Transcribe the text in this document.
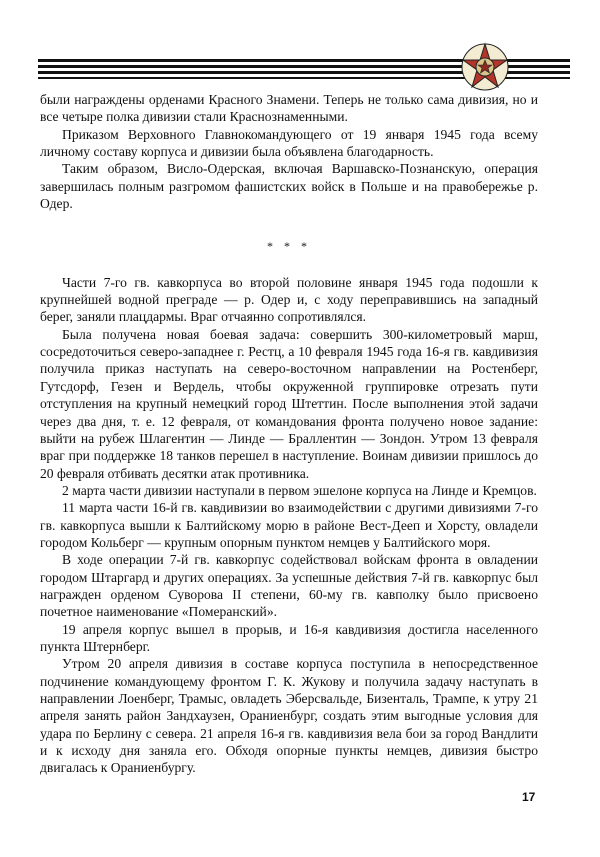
были награждены орденами Красного Знамени. Теперь не только сама дивизия, но и все четыре полка дивизии стали Краснознаменными.

Приказом Верховного Главнокомандующего от 19 января 1945 года всему личному составу корпуса и дивизии была объявлена благодарность.

Таким образом, Висло-Одерская, включая Варшавско-Познанскую, операция завершилась полным разгромом фашистских войск в Польше и на правобережье р. Одер.

* * *

Части 7-го гв. кавкорпуса во второй половине января 1945 года подошли к крупнейшей водной преграде — р. Одер и, с ходу переправившись на западный берег, заняли плацдармы. Враг отчаянно сопротивлялся.

Была получена новая боевая задача: совершить 300-километровый марш, сосредоточиться северо-западнее г. Рестц, а 10 февраля 1945 года 16-я гв. кавдивизия получила приказ наступать на северо-восточном направлении на Ростенберг, Гутсдорф, Гезен и Вердель, чтобы окруженной группировке отрезать пути отступления на крупный немецкий город Штеттин. После выполнения этой задачи через два дня, т. е. 12 февраля, от командования фронта получено новое задание: выйти на рубеж Шлагентин — Линде — Браллентин — Зондон. Утром 13 февраля враг при поддержке 18 танков перешел в наступление. Воинам дивизии пришлось до 20 февраля отбивать десятки атак противника.

2 марта части дивизии наступали в первом эшелоне корпуса на Линде и Кремцов.

11 марта части 16-й гв. кавдивизии во взаимодействии с другими дивизиями 7-го гв. кавкорпуса вышли к Балтийскому морю в районе Вест-Дееп и Хорсту, овладели городом Кольберг — крупным опорным пунктом немцев у Балтийского моря.

В ходе операции 7-й гв. кавкорпус содействовал войскам фронта в овладении городом Штаргард и других операциях. За успешные действия 7-й гв. кавкорпус был награжден орденом Суворова II степени, 60-му гв. кавполку было присвоено почетное наименование «Померанский».

19 апреля корпус вышел в прорыв, и 16-я кавдивизия достигла населенного пункта Штернберг.

Утром 20 апреля дивизия в составе корпуса поступила в непосредственное подчинение командующему фронтом Г. К. Жукову и получила задачу наступать в направлении Лоенберг, Трамыс, овладеть Эберсвальде, Бизенталь, Трампе, к утру 21 апреля занять район Зандхаузен, Ораниенбург, создать этим выгодные условия для удара по Берлину с севера. 21 апреля 16-я гв. кавдивизия вела бои за город Вандлити и к исходу дня заняла его. Обходя опорные пункты немцев, дивизия быстро двигалась к Ораниенбургу.

17
